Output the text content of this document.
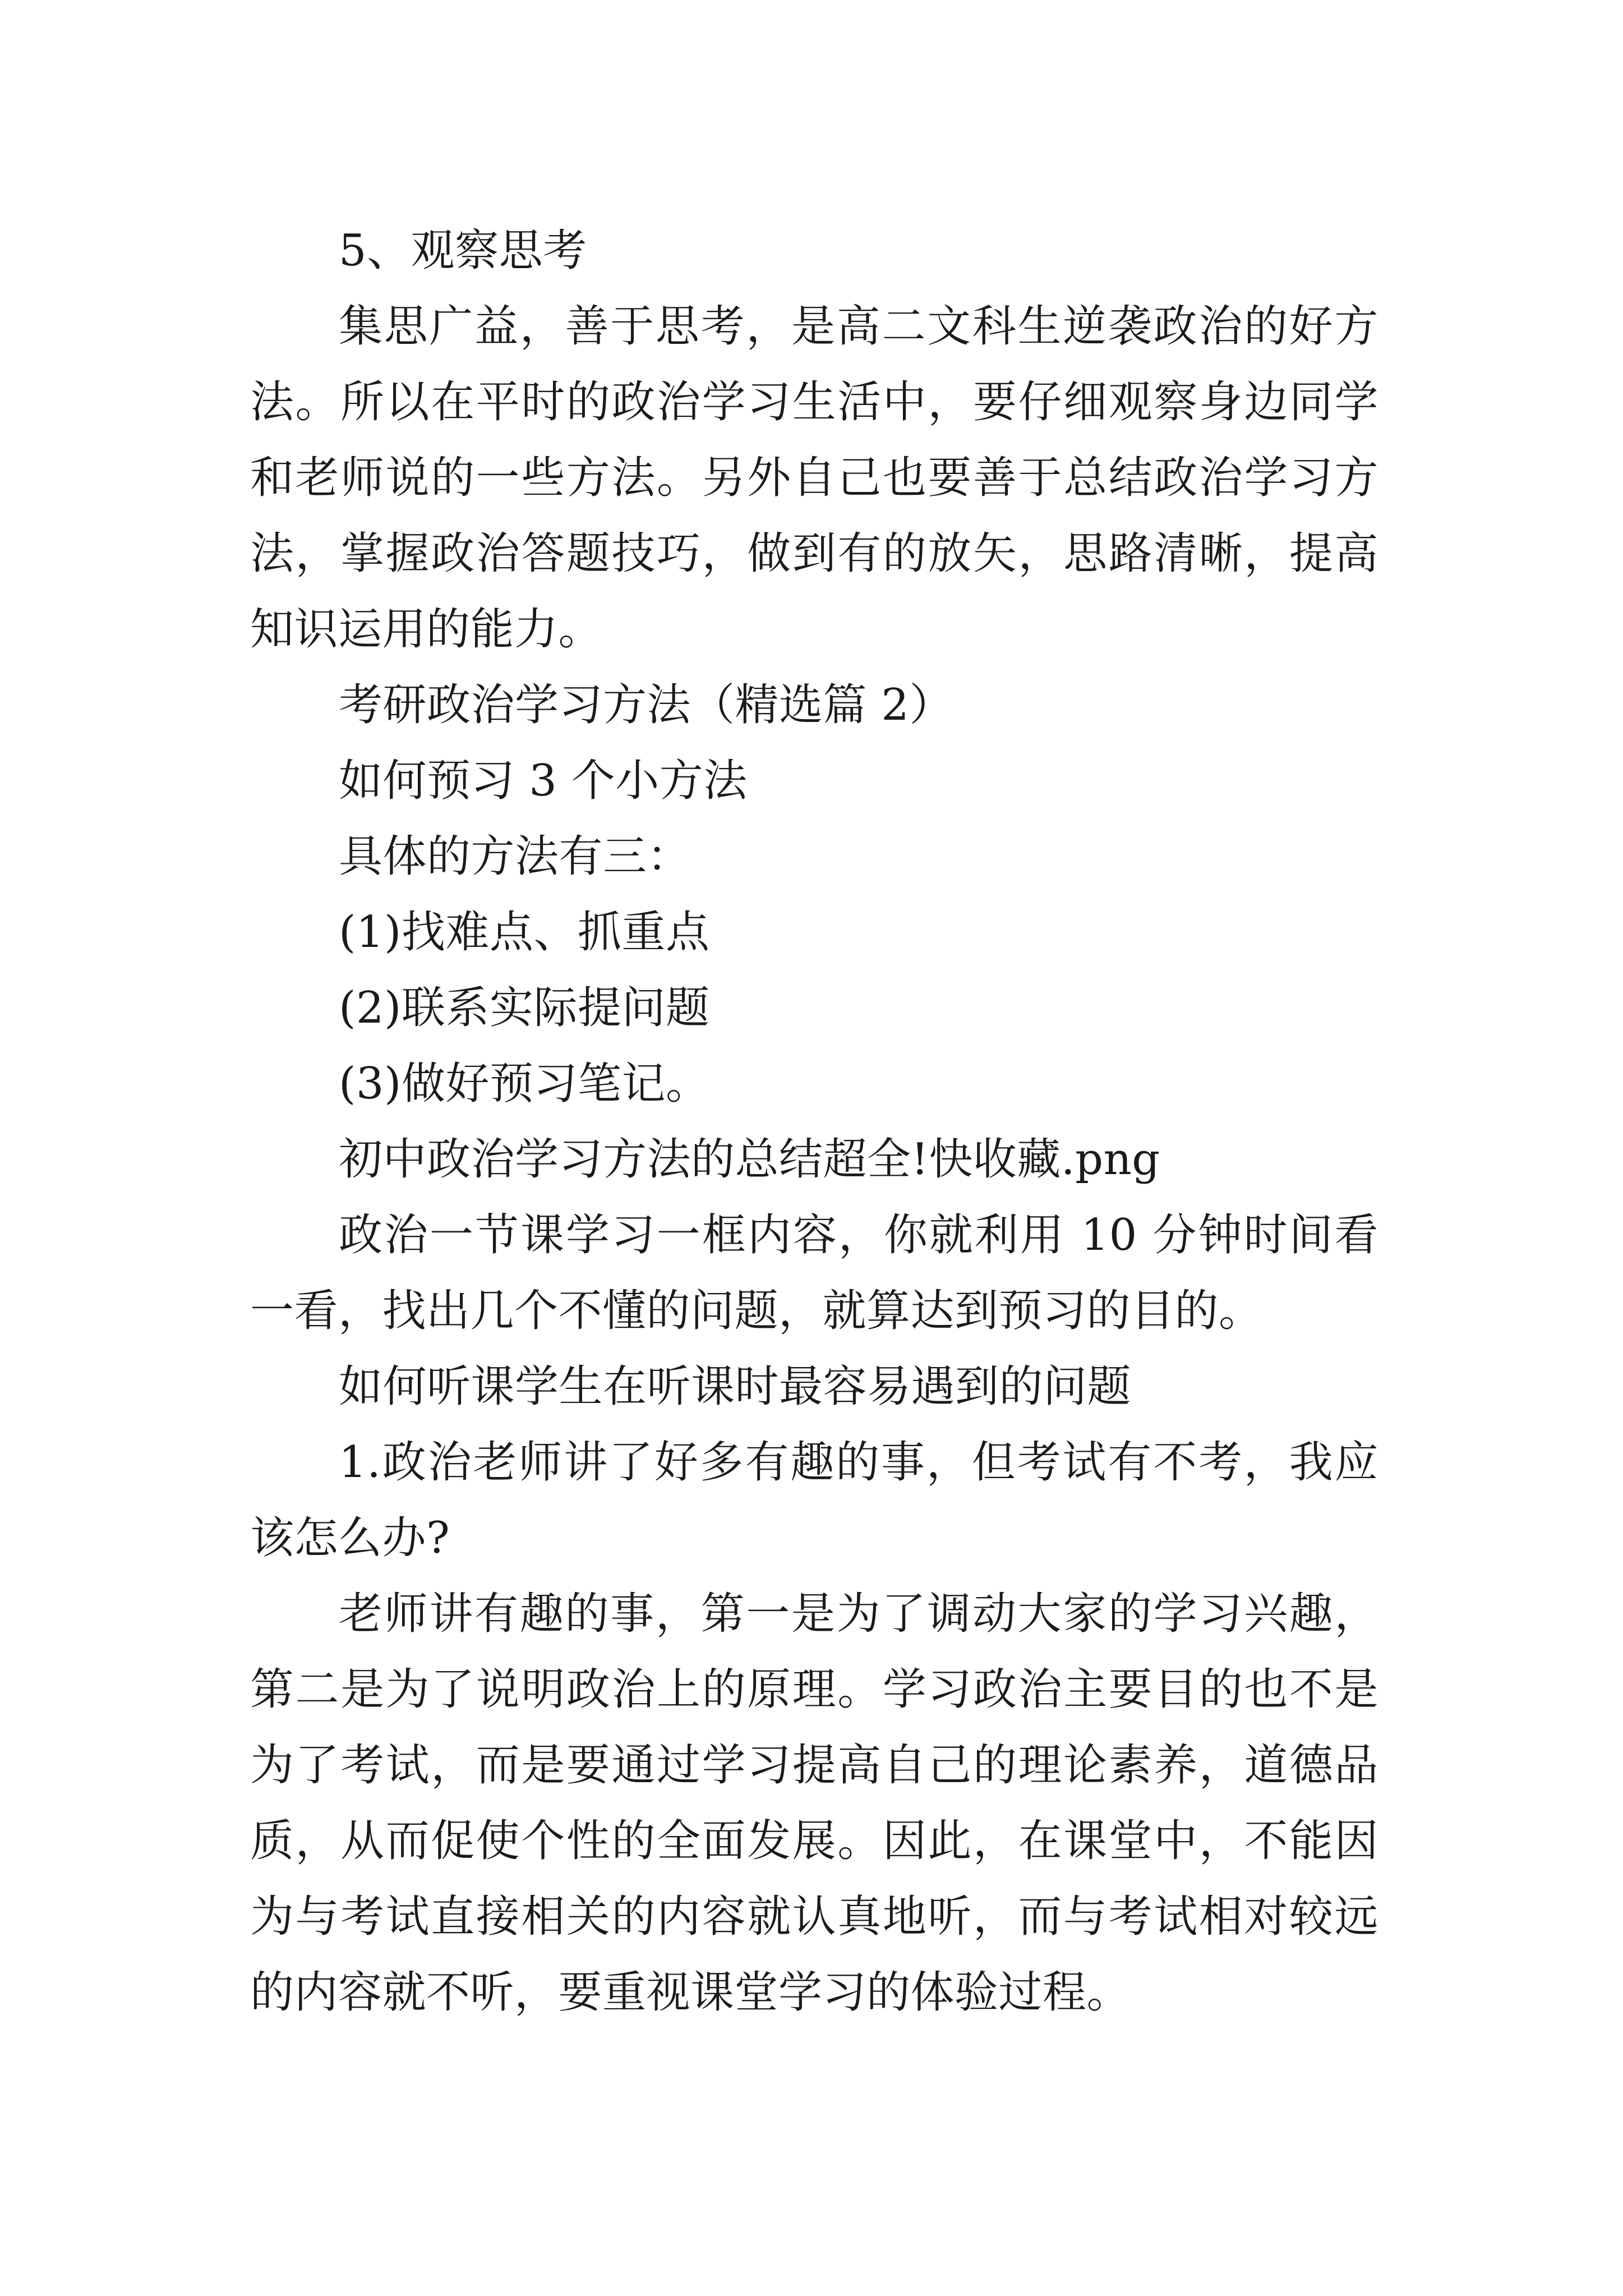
5、观察思考

集思广益，善于思考，是高二文科生逆袭政治的好方法。所以在平时的政治学习生活中，要仔细观察身边同学和老师说的一些方法。另外自己也要善于总结政治学习方法，掌握政治答题技巧，做到有的放矢，思路清晰，提高知识运用的能力。

考研政治学习方法（精选篇 2）

如何预习 3 个小方法

具体的方法有三：

(1)找难点、抓重点

(2)联系实际提问题

(3)做好预习笔记。

初中政治学习方法的总结超全!快收藏.png

政治一节课学习一框内容，你就利用 10 分钟时间看一看，找出几个不懂的问题，就算达到预习的目的。

如何听课学生在听课时最容易遇到的问题

1.政治老师讲了好多有趣的事，但考试有不考，我应该怎么办?

老师讲有趣的事，第一是为了调动大家的学习兴趣，第二是为了说明政治上的原理。学习政治主要目的也不是为了考试，而是要通过学习提高自己的理论素养，道德品质，从而促使个性的全面发展。因此，在课堂中，不能因为与考试直接相关的内容就认真地听，而与考试相对较远的内容就不听，要重视课堂学习的体验过程。
